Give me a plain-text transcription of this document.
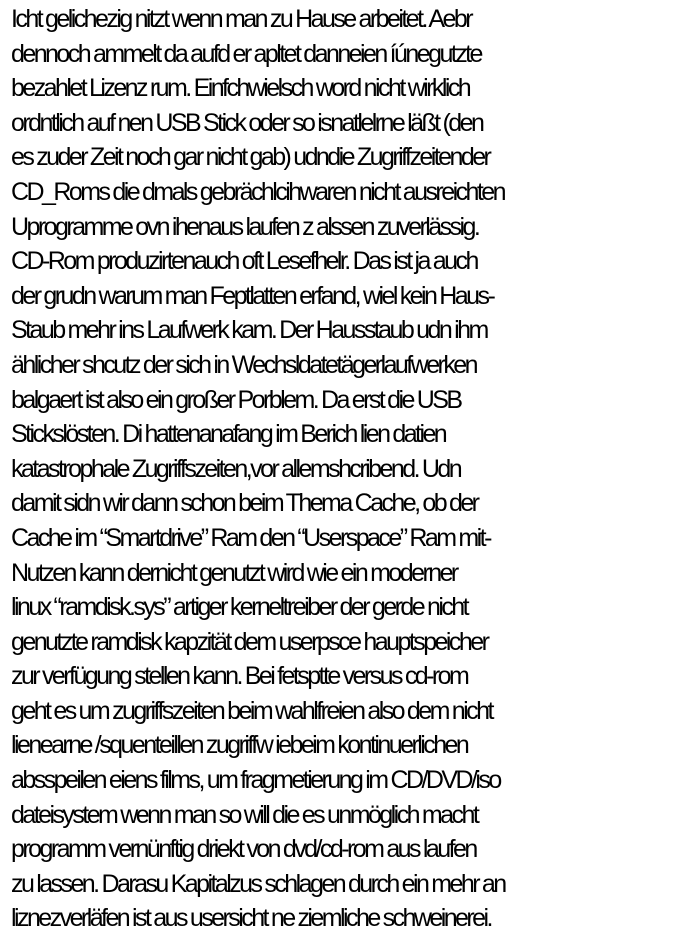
Icht gelichezig nitzt wenn man zu Hause arbeitet. Aebr
dennoch ammelt da aufd er apltet danneien íúnegutzte
bezahlet Lizenz rum. Einfchwielsch word nicht wirklich
ordntlich auf nen USB Stick oder so isnatlelrne läßt (den
es zuder Zeit noch gar nicht gab) udndie Zugriffzeitender
CD_Roms die dmals gebrächlcihwaren nicht ausreichten
Uprogramme ovn ihenaus laufen z alssen zuverlässig.
CD-Rom produzirtenauch oft Lesefhelr. Das ist ja auch
der grudn warum man Feptlatten erfand, wiel kein Haus-
Staub mehr ins Laufwerk kam. Der Hausstaub udn ihm
ählicher shcutz der sich in Wechsldatetägerlaufwerken
balgaert ist also ein großer Porblem. Da erst die USB
Stickslösten. Di hattenanafang im Berich lien datien
katastrophale Zugriffszeiten,vor allemshcribend. Udn
damit sidn wir dann schon beim Thema Cache, ob der
Cache im “Smartdrive” Ram den “Userspace” Ram mit-
Nutzen kann dernicht genutzt wird wie ein moderner
linux “ramdisk.sys” artiger kerneltreiber der gerde nicht
genutzte ramdisk kapzität dem userpsce hauptspeicher
zur verfügung stellen kann. Bei fetsptte versus cd-rom
geht es um zugriffszeiten beim wahlfreien also dem nicht
lienearne /squenteillen zugriffw iebeim kontinuerlichen
absspeilen eiens films, um fragmetierung im CD/DVD/iso
dateisystem wenn man so will die es unmöglich macht
programm vernünftig driekt von dvd/cd-rom aus laufen
zu lassen. Darasu Kapitalzus schlagen durch ein mehr an
liznezverläfen ist aus usersicht ne ziemliche schweinerei.
